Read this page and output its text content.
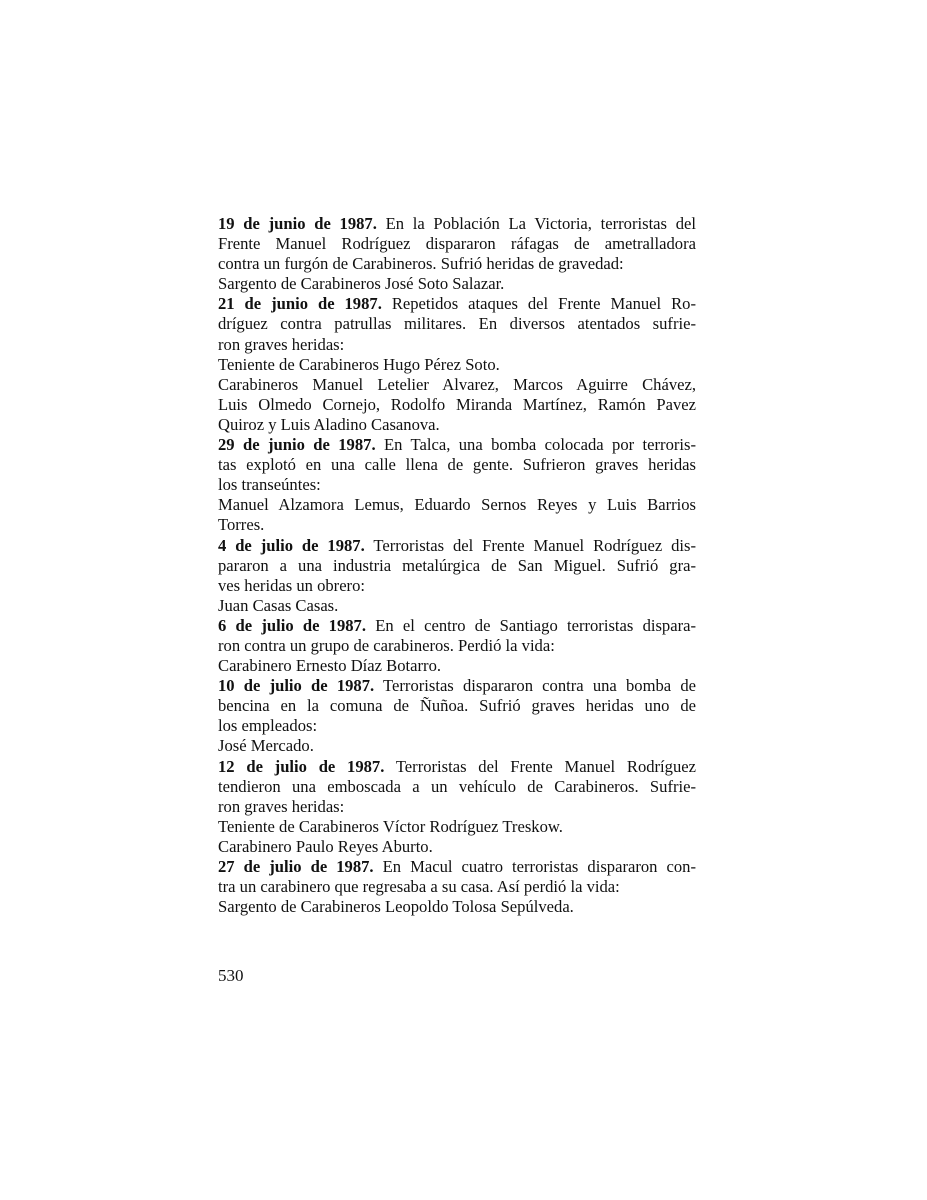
19 de junio de 1987. En la Población La Victoria, terroristas del
Frente Manuel Rodríguez dispararon ráfagas de ametralladora
contra un furgón de Carabineros. Sufrió heridas de gravedad:
Sargento de Carabineros José Soto Salazar.

21 de junio de 1987. Repetidos ataques del Frente Manuel Ro-
dríguez contra patrullas militares. En diversos atentados sufrie-
ron graves heridas:
Teniente de Carabineros Hugo Pérez Soto.
Carabineros Manuel Letelier Alvarez, Marcos Aguirre Chávez,
Luis Olmedo Cornejo, Rodolfo Miranda Martínez, Ramón Pavez
Quiroz y Luis Aladino Casanova.

29 de junio de 1987. En Talca, una bomba colocada por terroris-
tas explotó en una calle llena de gente. Sufrieron graves heridas
los transeúntes:
Manuel Alzamora Lemus, Eduardo Sernos Reyes y Luis Barrios
Torres.

4 de julio de 1987. Terroristas del Frente Manuel Rodríguez dis-
pararon a una industria metalúrgica de San Miguel. Sufrió gra-
ves heridas un obrero:
Juan Casas Casas.

6 de julio de 1987. En el centro de Santiago terroristas dispara-
ron contra un grupo de carabineros. Perdió la vida:
Carabinero Ernesto Díaz Botarro.

10 de julio de 1987. Terroristas dispararon contra una bomba de
bencina en la comuna de Ñuñoa. Sufrió graves heridas uno de
los empleados:
José Mercado.

12 de julio de 1987. Terroristas del Frente Manuel Rodríguez
tendieron una emboscada a un vehículo de Carabineros. Sufrie-
ron graves heridas:
Teniente de Carabineros Víctor Rodríguez Treskow.
Carabinero Paulo Reyes Aburto.

27 de julio de 1987. En Macul cuatro terroristas dispararon con-
tra un carabinero que regresaba a su casa. Así perdió la vida:
Sargento de Carabineros Leopoldo Tolosa Sepúlveda.

530
